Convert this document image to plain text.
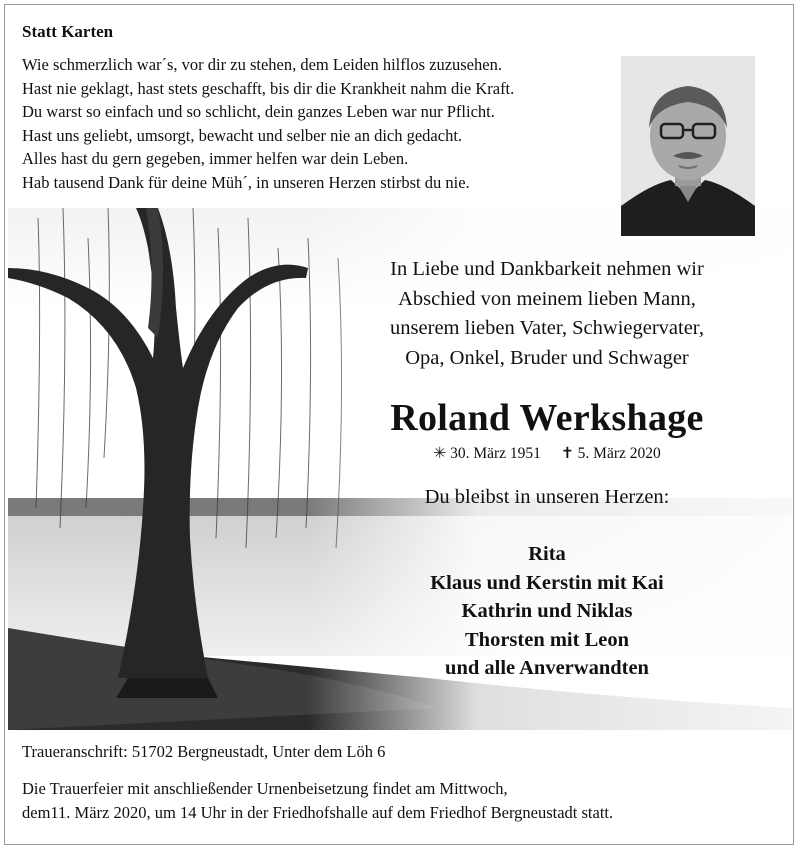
Statt Karten
Wie schmerzlich war´s, vor dir zu stehen, dem Leiden hilflos zuzusehen.
Hast nie geklagt, hast stets geschafft, bis dir die Krankheit nahm die Kraft.
Du warst so einfach und so schlicht, dein ganzes Leben war nur Pflicht.
Hast uns geliebt, umsorgt, bewacht und selber nie an dich gedacht.
Alles hast du gern gegeben, immer helfen war dein Leben.
Hab tausend Dank für deine Müh´, in unseren Herzen stirbst du nie.
In Liebe und Dankbarkeit nehmen wir
Abschied von meinem lieben Mann,
unserem lieben Vater, Schwiegervater,
Opa, Onkel, Bruder und Schwager
Roland Werkshage
✳ 30. März 1951 ✝ 5. März 2020
Du bleibst in unseren Herzen:
Rita
Klaus und Kerstin mit Kai
Kathrin und Niklas
Thorsten mit Leon
und alle Anverwandten
Traueranschrift: 51702 Bergneustadt, Unter dem Löh 6
Die Trauerfeier mit anschließender Urnenbeisetzung findet am Mittwoch,
dem11. März 2020, um 14 Uhr in der Friedhofshalle auf dem Friedhof Bergneustadt statt.
